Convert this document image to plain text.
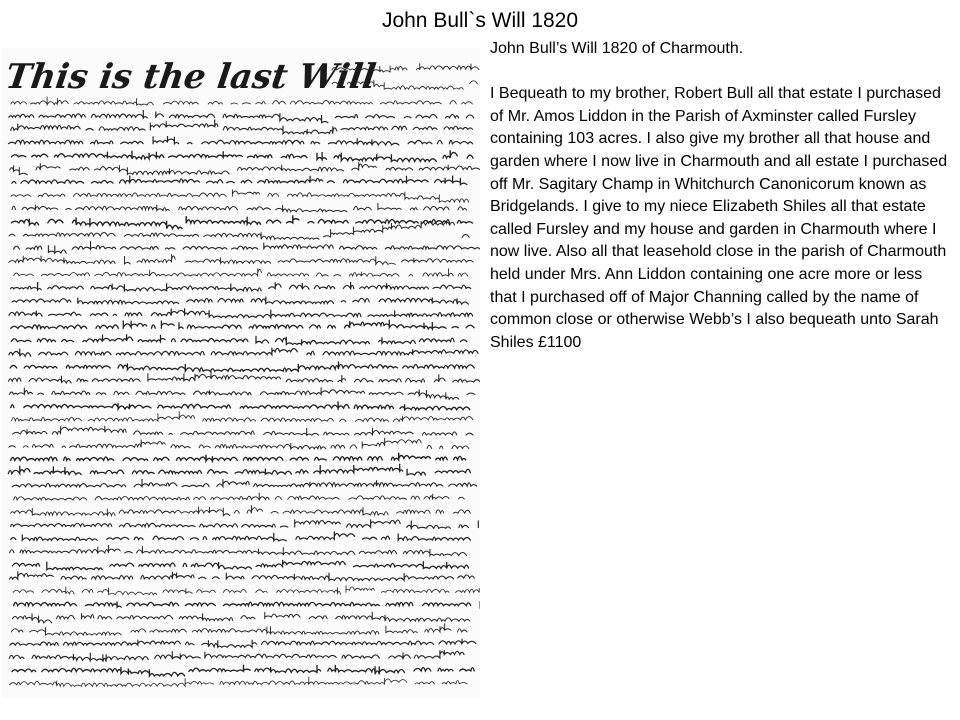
John Bull`s Will 1820
This is the last Will

John Bull’s Will 1820 of Charmouth.

I Bequeath to my brother, Robert Bull all that estate I purchased of Mr. Amos Liddon in the Parish of Axminster called Fursley containing 103 acres. I also give my brother all that house and garden where I now live in Charmouth and all estate I purchased off Mr. Sagitary Champ in Whitchurch Canonicorum known as Bridgelands. I give to my niece Elizabeth Shiles all that estate called Fursley and my house and garden in Charmouth where I now live. Also all that leasehold close in the parish of Charmouth held under Mrs. Ann Liddon containing one acre more or less that I purchased off of Major Channing called by the name of common close or otherwise Webb’s I also bequeath unto Sarah Shiles £1100
